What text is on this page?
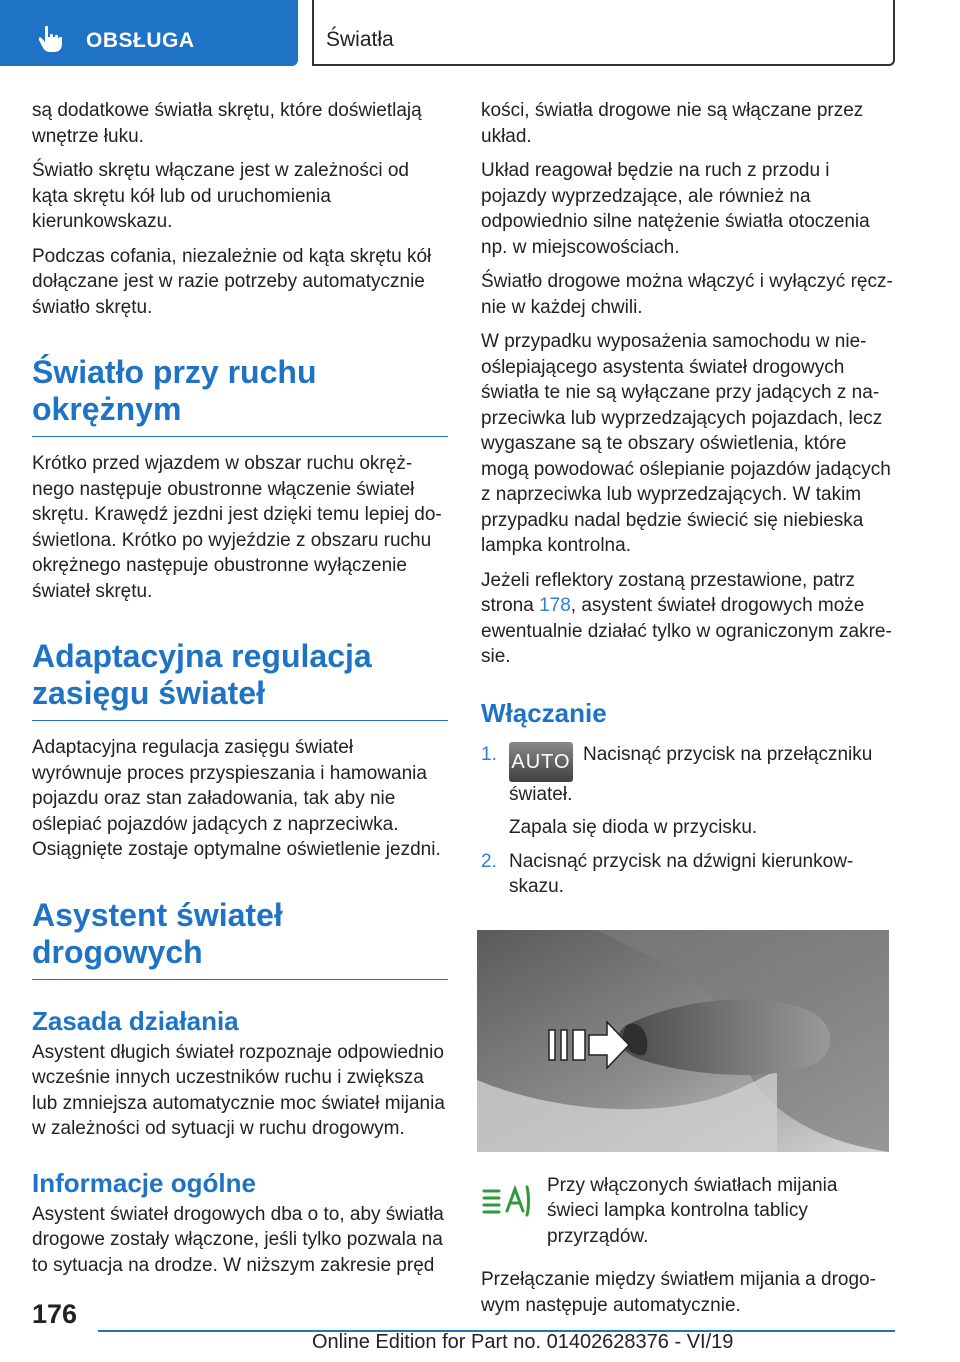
OBSŁUGA	Światła

są dodatkowe światła skrętu, które doświetlają wnętrze łuku.

Światło skrętu włączane jest w zależności od kąta skrętu kół lub od uruchomienia kierunkowskazu.

Podczas cofania, niezależnie od kąta skrętu kół dołączane jest w razie potrzeby automatycznie światło skrętu.

Światło przy ruchu okrężnym

Krótko przed wjazdem w obszar ruchu okrężnego następuje obustronne włączenie świateł skrętu. Krawędź jezdni jest dzięki temu lepiej doświetlona. Krótko po wyjeździe z obszaru ruchu okrężnego następuje obustronne wyłączenie świateł skrętu.

Adaptacyjna regulacja zasięgu świateł

Adaptacyjna regulacja zasięgu świateł wyrównuje proces przyspieszania i hamowania pojazdu oraz stan załadowania, tak aby nie oślepiać pojazdów jadących z naprzeciwka. Osiągnięte zostaje optymalne oświetlenie jezdni.

Asystent świateł drogowych
Zasada działania

Asystent długich świateł rozpoznaje odpowiednio wcześnie innych uczestników ruchu i zwiększa lub zmniejsza automatycznie moc świateł mijania w zależności od sytuacji w ruchu drogowym.

Informacje ogólne

Asystent świateł drogowych dba o to, aby światła drogowe zostały włączone, jeśli tylko pozwala na to sytuacja na drodze. W niższym zakresie pręd

kości, światła drogowe nie są włączane przez układ.

Układ reagował będzie na ruch z przodu i pojazdy wyprzedzające, ale również na odpowiednio silne natężenie światła otoczenia np. w miejscowościach.

Światło drogowe można włączyć i wyłączyć ręcznie w każdej chwili.

W przypadku wyposażenia samochodu w nieoślepiającego asystenta świateł drogowych światła te nie są wyłączane przy jadących z naprzeciwka lub wyprzedzających pojazdach, lecz wygaszane są te obszary oświetlenia, które mogą powodować oślepianie pojazdów jadących z naprzeciwka lub wyprzedzających. W takim przypadku nadal będzie świecić się niebieska lampka kontrolna.

Jeżeli reflektory zostaną przestawione, patrz strona 178, asystent świateł drogowych może ewentualnie działać tylko w ograniczonym zakresie.

Włączanie
1. AUTO Nacisnąć przycisk na przełączniku świateł.

Zapala się dioda w przycisku.

2. Nacisnąć przycisk na dźwigni kierunkowskazu.

Przy włączonych światłach mijania świeci lampka kontrolna tablicy przyrządów.

Przełączanie między światłem mijania a drogowym następuje automatycznie.

176
Online Edition for Part no. 01402628376 - VI/19
